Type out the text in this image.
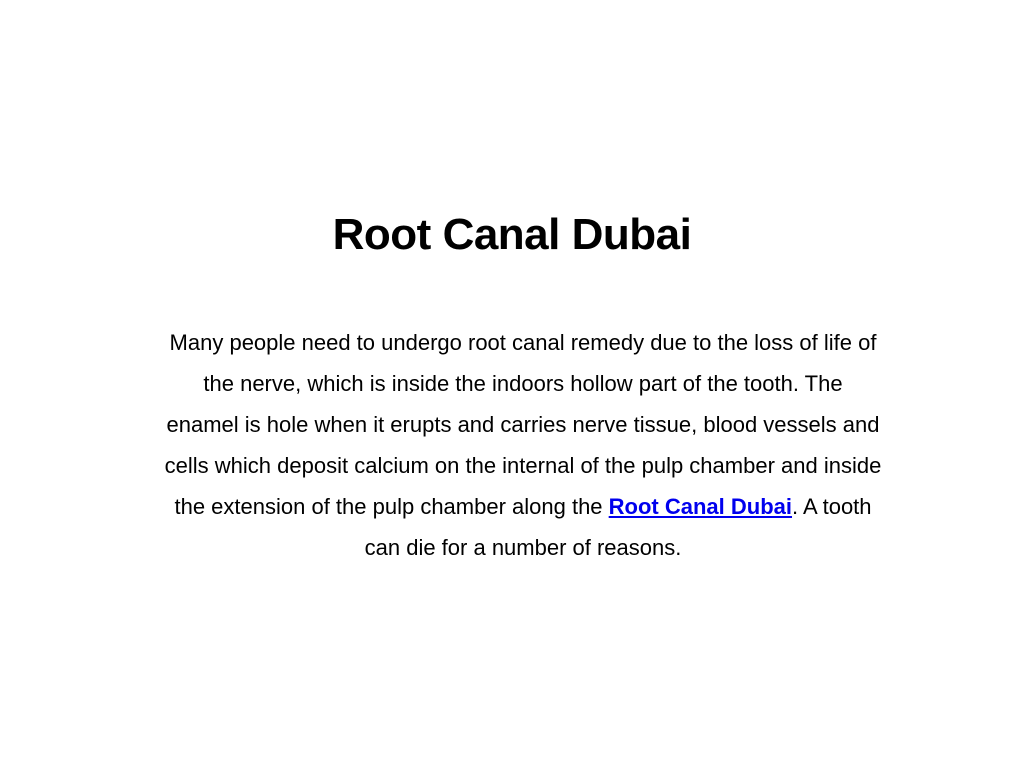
Root Canal Dubai
Many people need to undergo root canal remedy due to the loss of life of
the nerve, which is inside the indoors hollow part of the tooth. The
enamel is hole when it erupts and carries nerve tissue, blood vessels and
cells which deposit calcium on the internal of the pulp chamber and inside
the extension of the pulp chamber along the Root Canal Dubai. A tooth
can die for a number of reasons.
